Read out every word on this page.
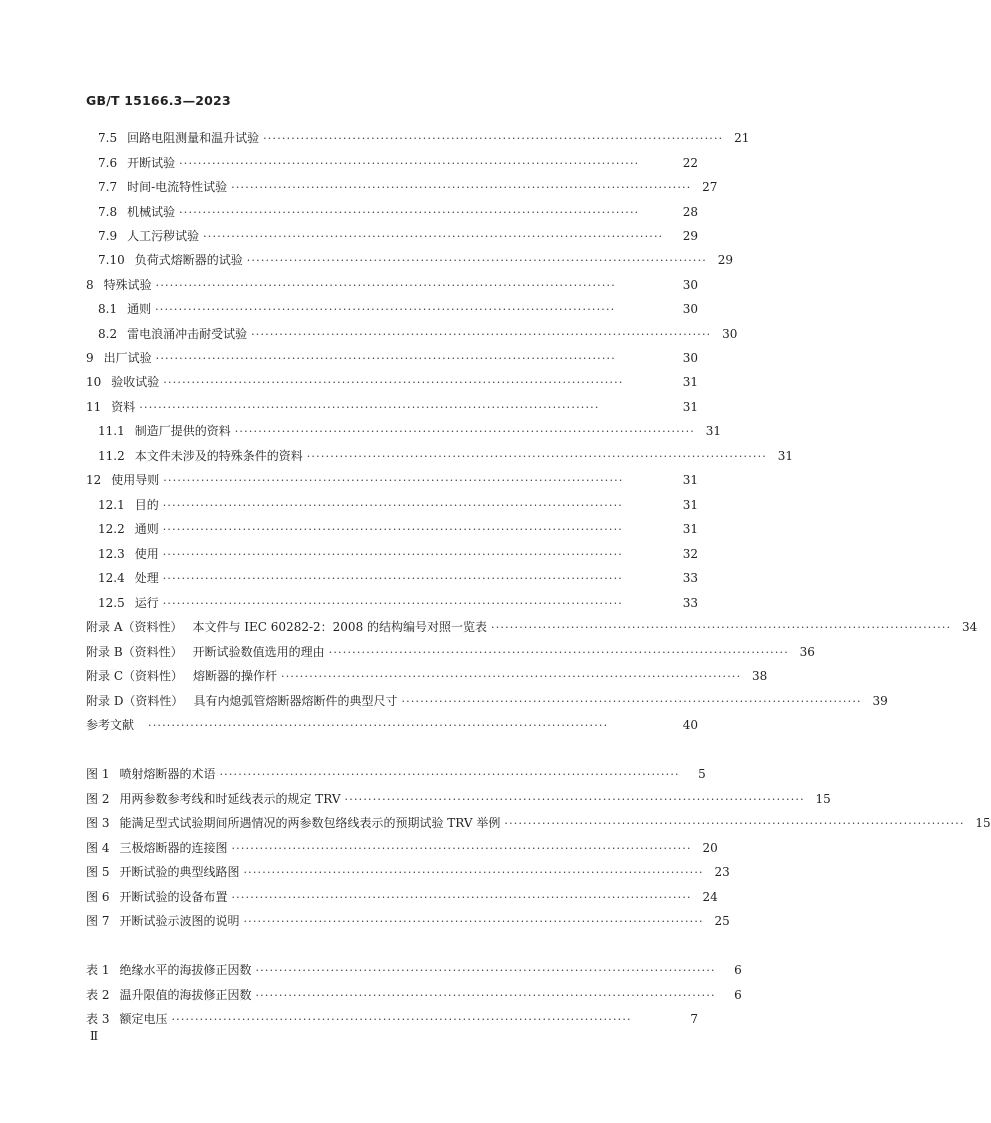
GB/T 15166.3—2023
7.5 回路电阻测量和温升试验 ·································································································· 21
7.6 开断试验 ··································································································	22
7.7 时间-电流特性试验 ·································································································· 27
7.8 机械试验 ··································································································	28
7.9 人工污秽试验 ··································································································	29
7.10 负荷式熔断器的试验 ·································································································· 29
8 特殊试验 ··································································································	30
8.1 通则 ··································································································	30
8.2 雷电浪涌冲击耐受试验 ·································································································· 30
9 出厂试验 ··································································································	30
10 验收试验 ··································································································	31
11 资料 ··································································································	31
11.1 制造厂提供的资料 ·································································································· 31
11.2 本文件未涉及的特殊条件的资料 ·································································································· 31
12 使用导则 ··································································································	31
12.1 目的 ··································································································	31
12.2 通则 ··································································································	31
12.3 使用 ··································································································	32
12.4 处理 ··································································································	33
12.5 运行 ··································································································	33
附录 A（资料性） 本文件与 IEC 60282-2：2008 的结构编号对照一览表 ·································································································· 34
附录 B（资料性） 开断试验数值选用的理由 ·································································································· 36
附录 C（资料性） 熔断器的操作杆 ·································································································· 38
附录 D（资料性） 具有内熄弧管熔断器熔断件的典型尺寸 ·································································································· 39
参考文献 ··································································································	40
图 1 喷射熔断器的术语 ··································································································	5
图 2 用两参数参考线和时延线表示的规定 TRV ·································································································· 15
图 3 能满足型式试验期间所遇情况的两参数包络线表示的预期试验 TRV 举例 ·································································································· 15
图 4 三极熔断器的连接图 ·································································································· 20
图 5 开断试验的典型线路图 ·································································································· 23
图 6 开断试验的设备布置 ·································································································· 24
图 7 开断试验示波图的说明 ·································································································· 25
表 1 绝缘水平的海拔修正因数 ··································································································	6
表 2 温升限值的海拔修正因数 ··································································································	6
表 3 额定电压 ··································································································	7
Ⅱ
